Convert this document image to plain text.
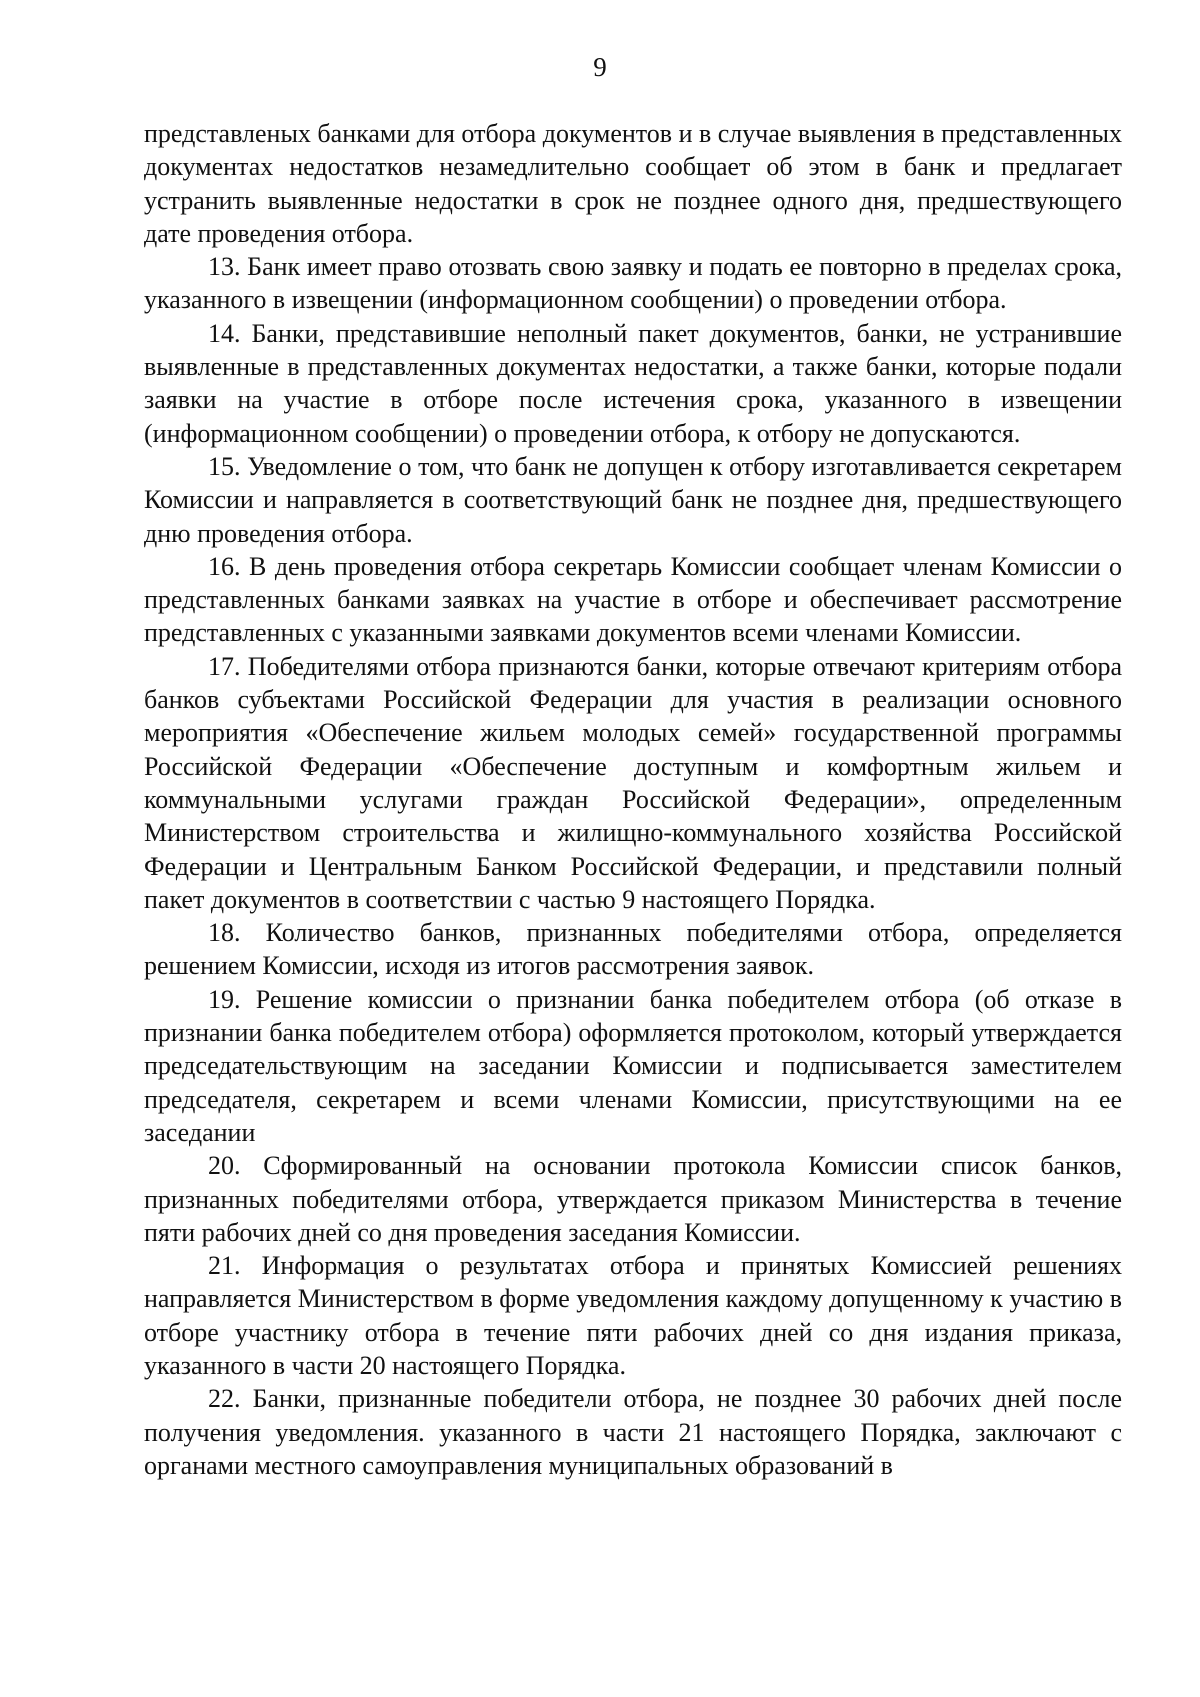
9

представленых банками для отбора документов и в случае выявления в представленных документах недостатков незамедлительно сообщает об этом в банк и предлагает устранить выявленные недостатки в срок не позднее одного дня, предшествующего дате проведения отбора.

13. Банк имеет право отозвать свою заявку и подать ее повторно в пределах срока, указанного в извещении (информационном сообщении) о проведении отбора.

14. Банки, представившие неполный пакет документов, банки, не устранившие выявленные в представленных документах недостатки, а также банки, которые подали заявки на участие в отборе после истечения срока, указанного в извещении (информационном сообщении) о проведении отбора, к отбору не допускаются.

15. Уведомление о том, что банк не допущен к отбору изготавливается секретарем Комиссии и направляется в соответствующий банк не позднее дня, предшествующего дню проведения отбора.

16. В день проведения отбора секретарь Комиссии сообщает членам Комиссии о представленных банками заявках на участие в отборе и обеспечивает рассмотрение представленных с указанными заявками документов всеми членами Комиссии.

17. Победителями отбора признаются банки, которые отвечают критериям отбора банков субъектами Российской Федерации для участия в реализации основного мероприятия «Обеспечение жильем молодых семей» государственной программы Российской Федерации «Обеспечение доступным и комфортным жильем и коммунальными услугами граждан Российской Федерации», определенным Министерством строительства и жилищно-коммунального хозяйства Российской Федерации и Центральным Банком Российской Федерации, и представили полный пакет документов в соответствии с частью 9 настоящего Порядка.

18. Количество банков, признанных победителями отбора, определяется решением Комиссии, исходя из итогов рассмотрения заявок.

19. Решение комиссии о признании банка победителем отбора (об отказе в признании банка победителем отбора) оформляется протоколом, который утверждается председательствующим на заседании Комиссии и подписывается заместителем председателя, секретарем и всеми членами Комиссии, присутствующими на ее заседании

20. Сформированный на основании протокола Комиссии список банков, признанных победителями отбора, утверждается приказом Министерства в течение пяти рабочих дней со дня проведения заседания Комиссии.

21. Информация о результатах отбора и принятых Комиссией решениях направляется Министерством в форме уведомления каждому допущенному к участию в отборе участнику отбора в течение пяти рабочих дней со дня издания приказа, указанного в части 20 настоящего Порядка.

22. Банки, признанные победители отбора, не позднее 30 рабочих дней после получения уведомления. указанного в части 21 настоящего Порядка, заключают с органами местного самоуправления муниципальных образований в
